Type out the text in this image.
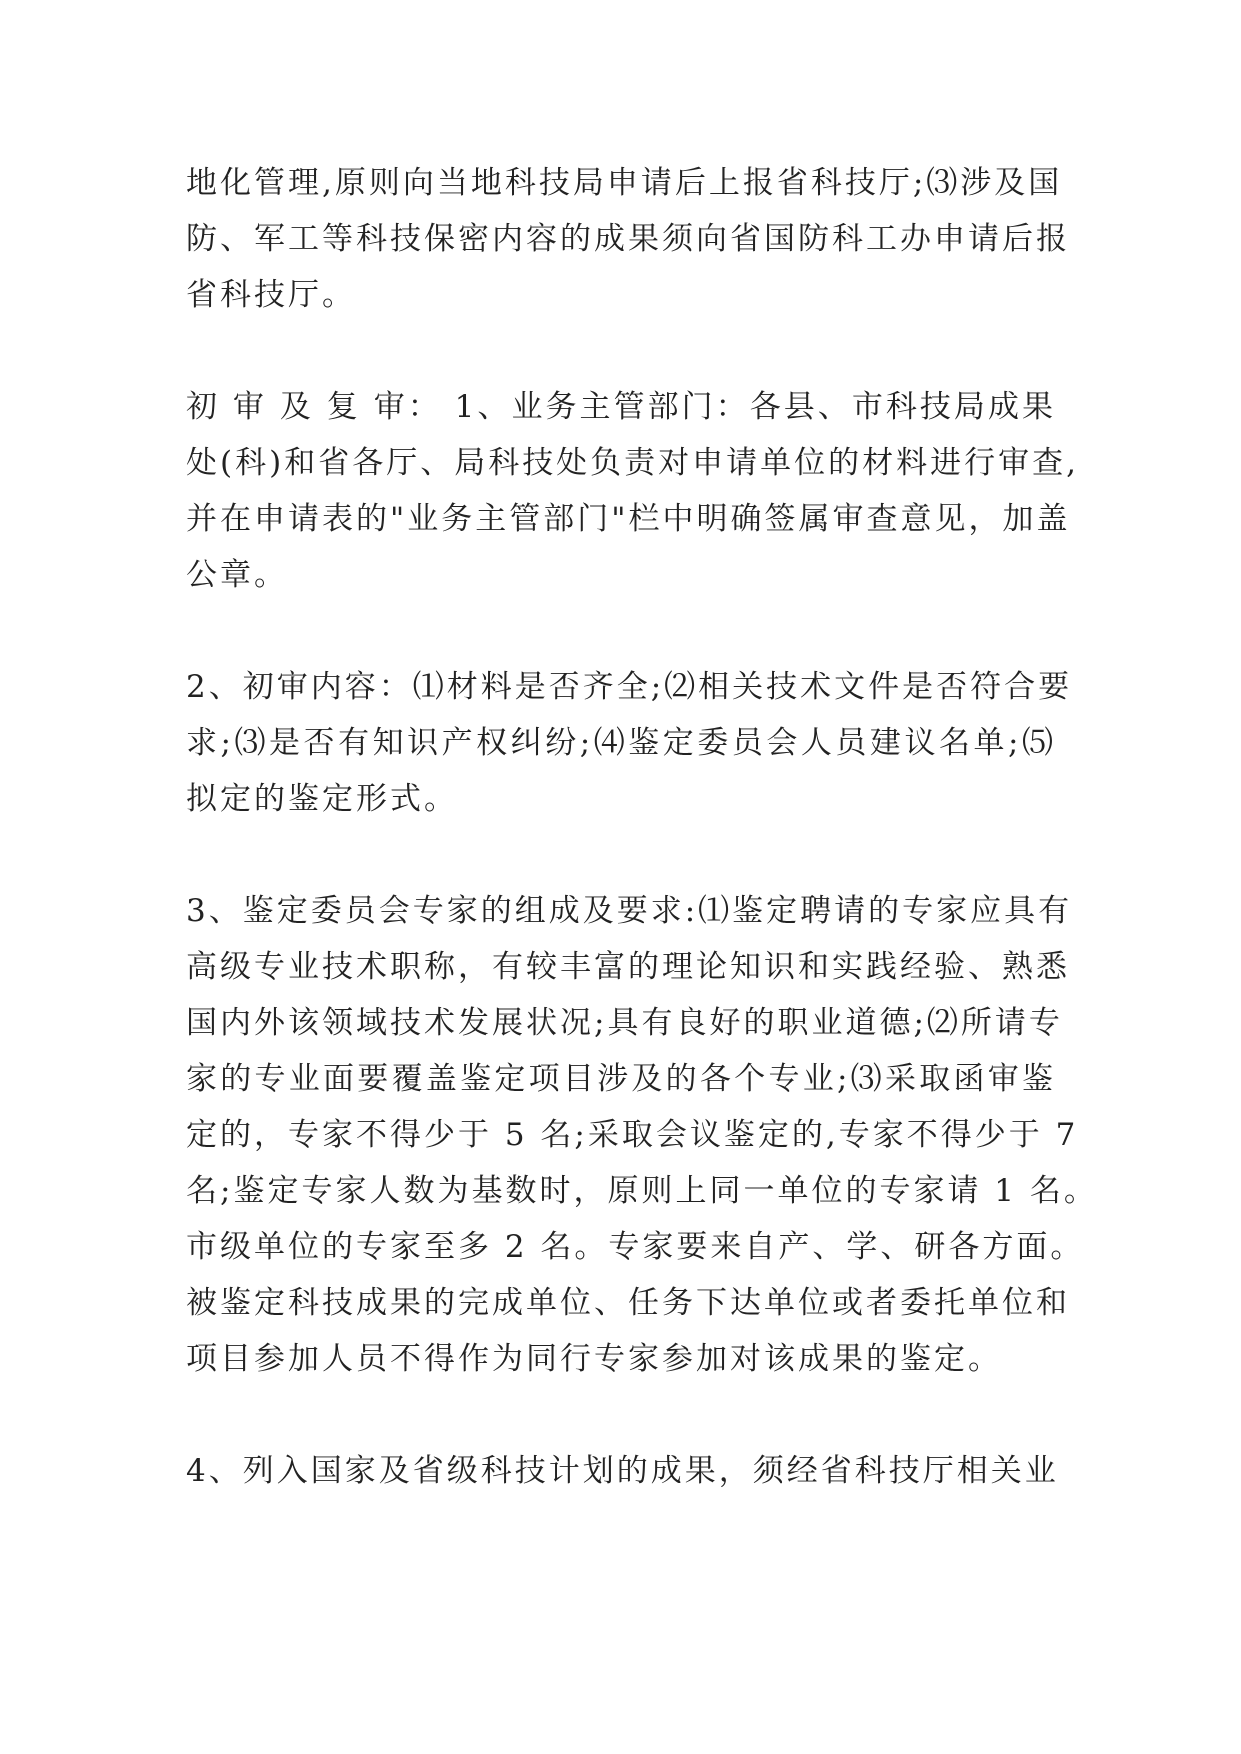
地化管理,原则向当地科技局申请后上报省科技厅;⑶涉及国
防、军工等科技保密内容的成果须向省国防科工办申请后报
省科技厅。

初 审 及 复 审： 1、业务主管部门：各县、市科技局成果
处(科)和省各厅、局科技处负责对申请单位的材料进行审查,
并在申请表的"业务主管部门"栏中明确签属审查意见，加盖
公章。

2、初审内容：⑴材料是否齐全;⑵相关技术文件是否符合要
求;⑶是否有知识产权纠纷;⑷鉴定委员会人员建议名单;⑸
拟定的鉴定形式。

3、鉴定委员会专家的组成及要求:⑴鉴定聘请的专家应具有
高级专业技术职称，有较丰富的理论知识和实践经验、熟悉
国内外该领域技术发展状况;具有良好的职业道德;⑵所请专
家的专业面要覆盖鉴定项目涉及的各个专业;⑶采取函审鉴
定的，专家不得少于 5 名;采取会议鉴定的,专家不得少于 7
名;鉴定专家人数为基数时，原则上同一单位的专家请 1 名。
市级单位的专家至多 2 名。专家要来自产、学、研各方面。
被鉴定科技成果的完成单位、任务下达单位或者委托单位和
项目参加人员不得作为同行专家参加对该成果的鉴定。

4、列入国家及省级科技计划的成果，须经省科技厅相关业
